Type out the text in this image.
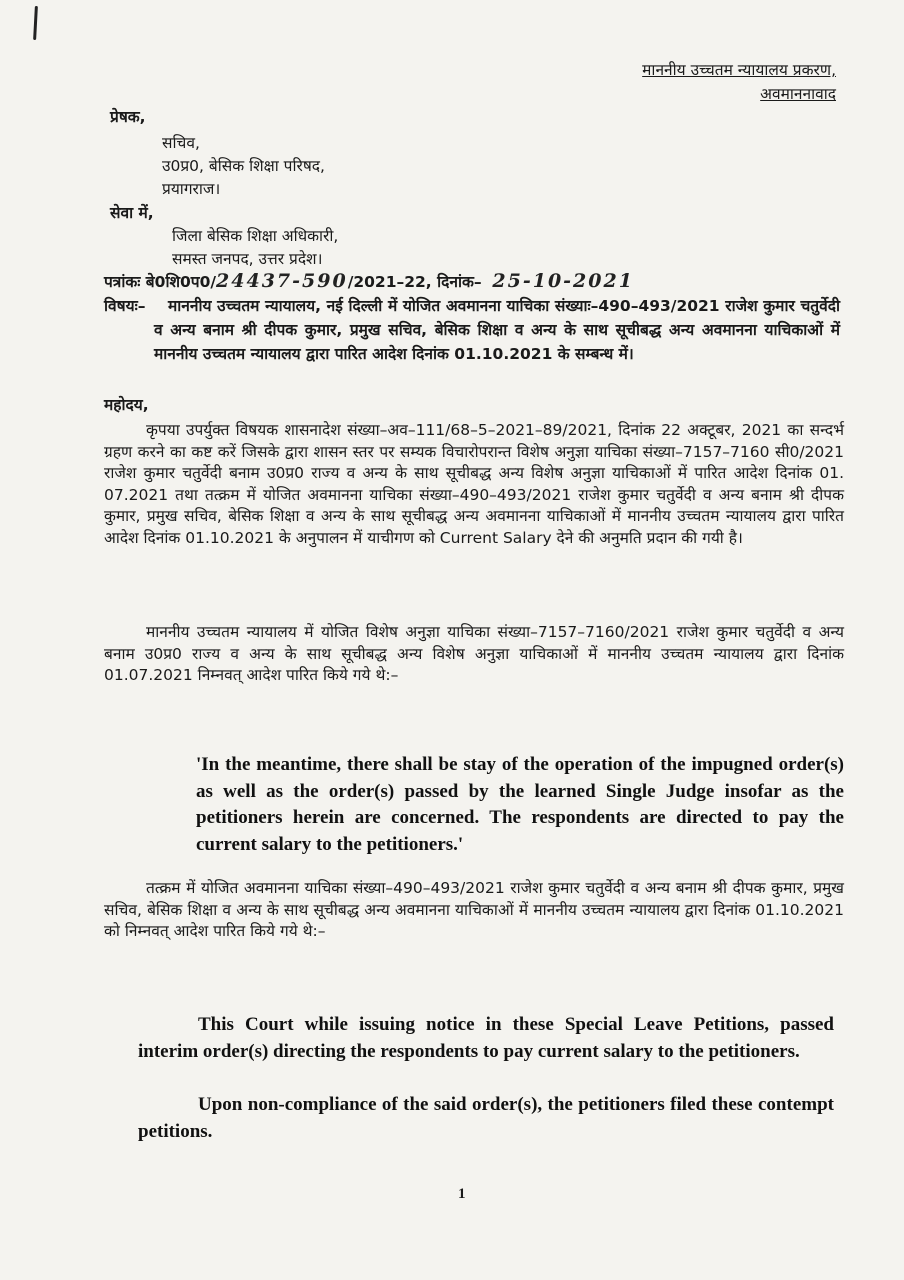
माननीय उच्चतम न्यायालय प्रकरण,
अवमाननावाद
प्रेषक,
सचिव,
उ0प्र0, बेसिक शिक्षा परिषद,
प्रयागराज।
सेवा में,
जिला बेसिक शिक्षा अधिकारी,
समस्त जनपद, उत्तर प्रदेश।
पत्रांकः बे0शि0प0/24437-590/2021–22, दिनांक– 25-10-2021
विषयः–	माननीय उच्चतम न्यायालय, नई दिल्ली में योजित अवमानना याचिका संख्याः–490–493/2021 राजेश कुमार चतुर्वेदी व अन्य बनाम श्री दीपक कुमार, प्रमुख सचिव, बेसिक शिक्षा व अन्य के साथ सूचीबद्ध अन्य अवमानना याचिकाओं में माननीय उच्चतम न्यायालय द्वारा पारित आदेश दिनांक 01.10.2021 के सम्बन्ध में।
महोदय,
कृपया उपर्युक्त विषयक शासनादेश संख्या–अव–111/68–5–2021–89/2021, दिनांक 22 अक्टूबर, 2021 का सन्दर्भ ग्रहण करने का कष्ट करें जिसके द्वारा शासन स्तर पर सम्यक विचारोपरान्त विशेष अनुज्ञा याचिका संख्या–7157–7160 सी0/2021 राजेश कुमार चतुर्वेदी बनाम उ0प्र0 राज्य व अन्य के साथ सूचीबद्ध अन्य विशेष अनुज्ञा याचिकाओं में पारित आदेश दिनांक 01. 07.2021 तथा तत्क्रम में योजित अवमानना याचिका संख्या–490–493/2021 राजेश कुमार चतुर्वेदी व अन्य बनाम श्री दीपक कुमार, प्रमुख सचिव, बेसिक शिक्षा व अन्य के साथ सूचीबद्ध अन्य अवमानना याचिकाओं में माननीय उच्चतम न्यायालय द्वारा पारित आदेश दिनांक 01.10.2021 के अनुपालन में याचीगण को Current Salary देने की अनुमति प्रदान की गयी है।
माननीय उच्चतम न्यायालय में योजित विशेष अनुज्ञा याचिका संख्या–7157–7160/2021 राजेश कुमार चतुर्वेदी व अन्य बनाम उ0प्र0 राज्य व अन्य के साथ सूचीबद्ध अन्य विशेष अनुज्ञा याचिकाओं में माननीय उच्चतम न्यायालय द्वारा दिनांक 01.07.2021 निम्नवत् आदेश पारित किये गये थे:–
'In the meantime, there shall be stay of the operation of the impugned order(s) as well as the order(s) passed by the learned Single Judge insofar as the petitioners herein are concerned. The respondents are directed to pay the current salary to the petitioners.'
तत्क्रम में योजित अवमानना याचिका संख्या–490–493/2021 राजेश कुमार चतुर्वेदी व अन्य बनाम श्री दीपक कुमार, प्रमुख सचिव, बेसिक शिक्षा व अन्य के साथ सूचीबद्ध अन्य अवमानना याचिकाओं में माननीय उच्चतम न्यायालय द्वारा दिनांक 01.10.2021 को निम्नवत् आदेश पारित किये गये थे:–
This Court while issuing notice in these Special Leave Petitions, passed interim order(s) directing the respondents to pay current salary to the petitioners.
Upon non-compliance of the said order(s), the petitioners filed these contempt petitions.
1
